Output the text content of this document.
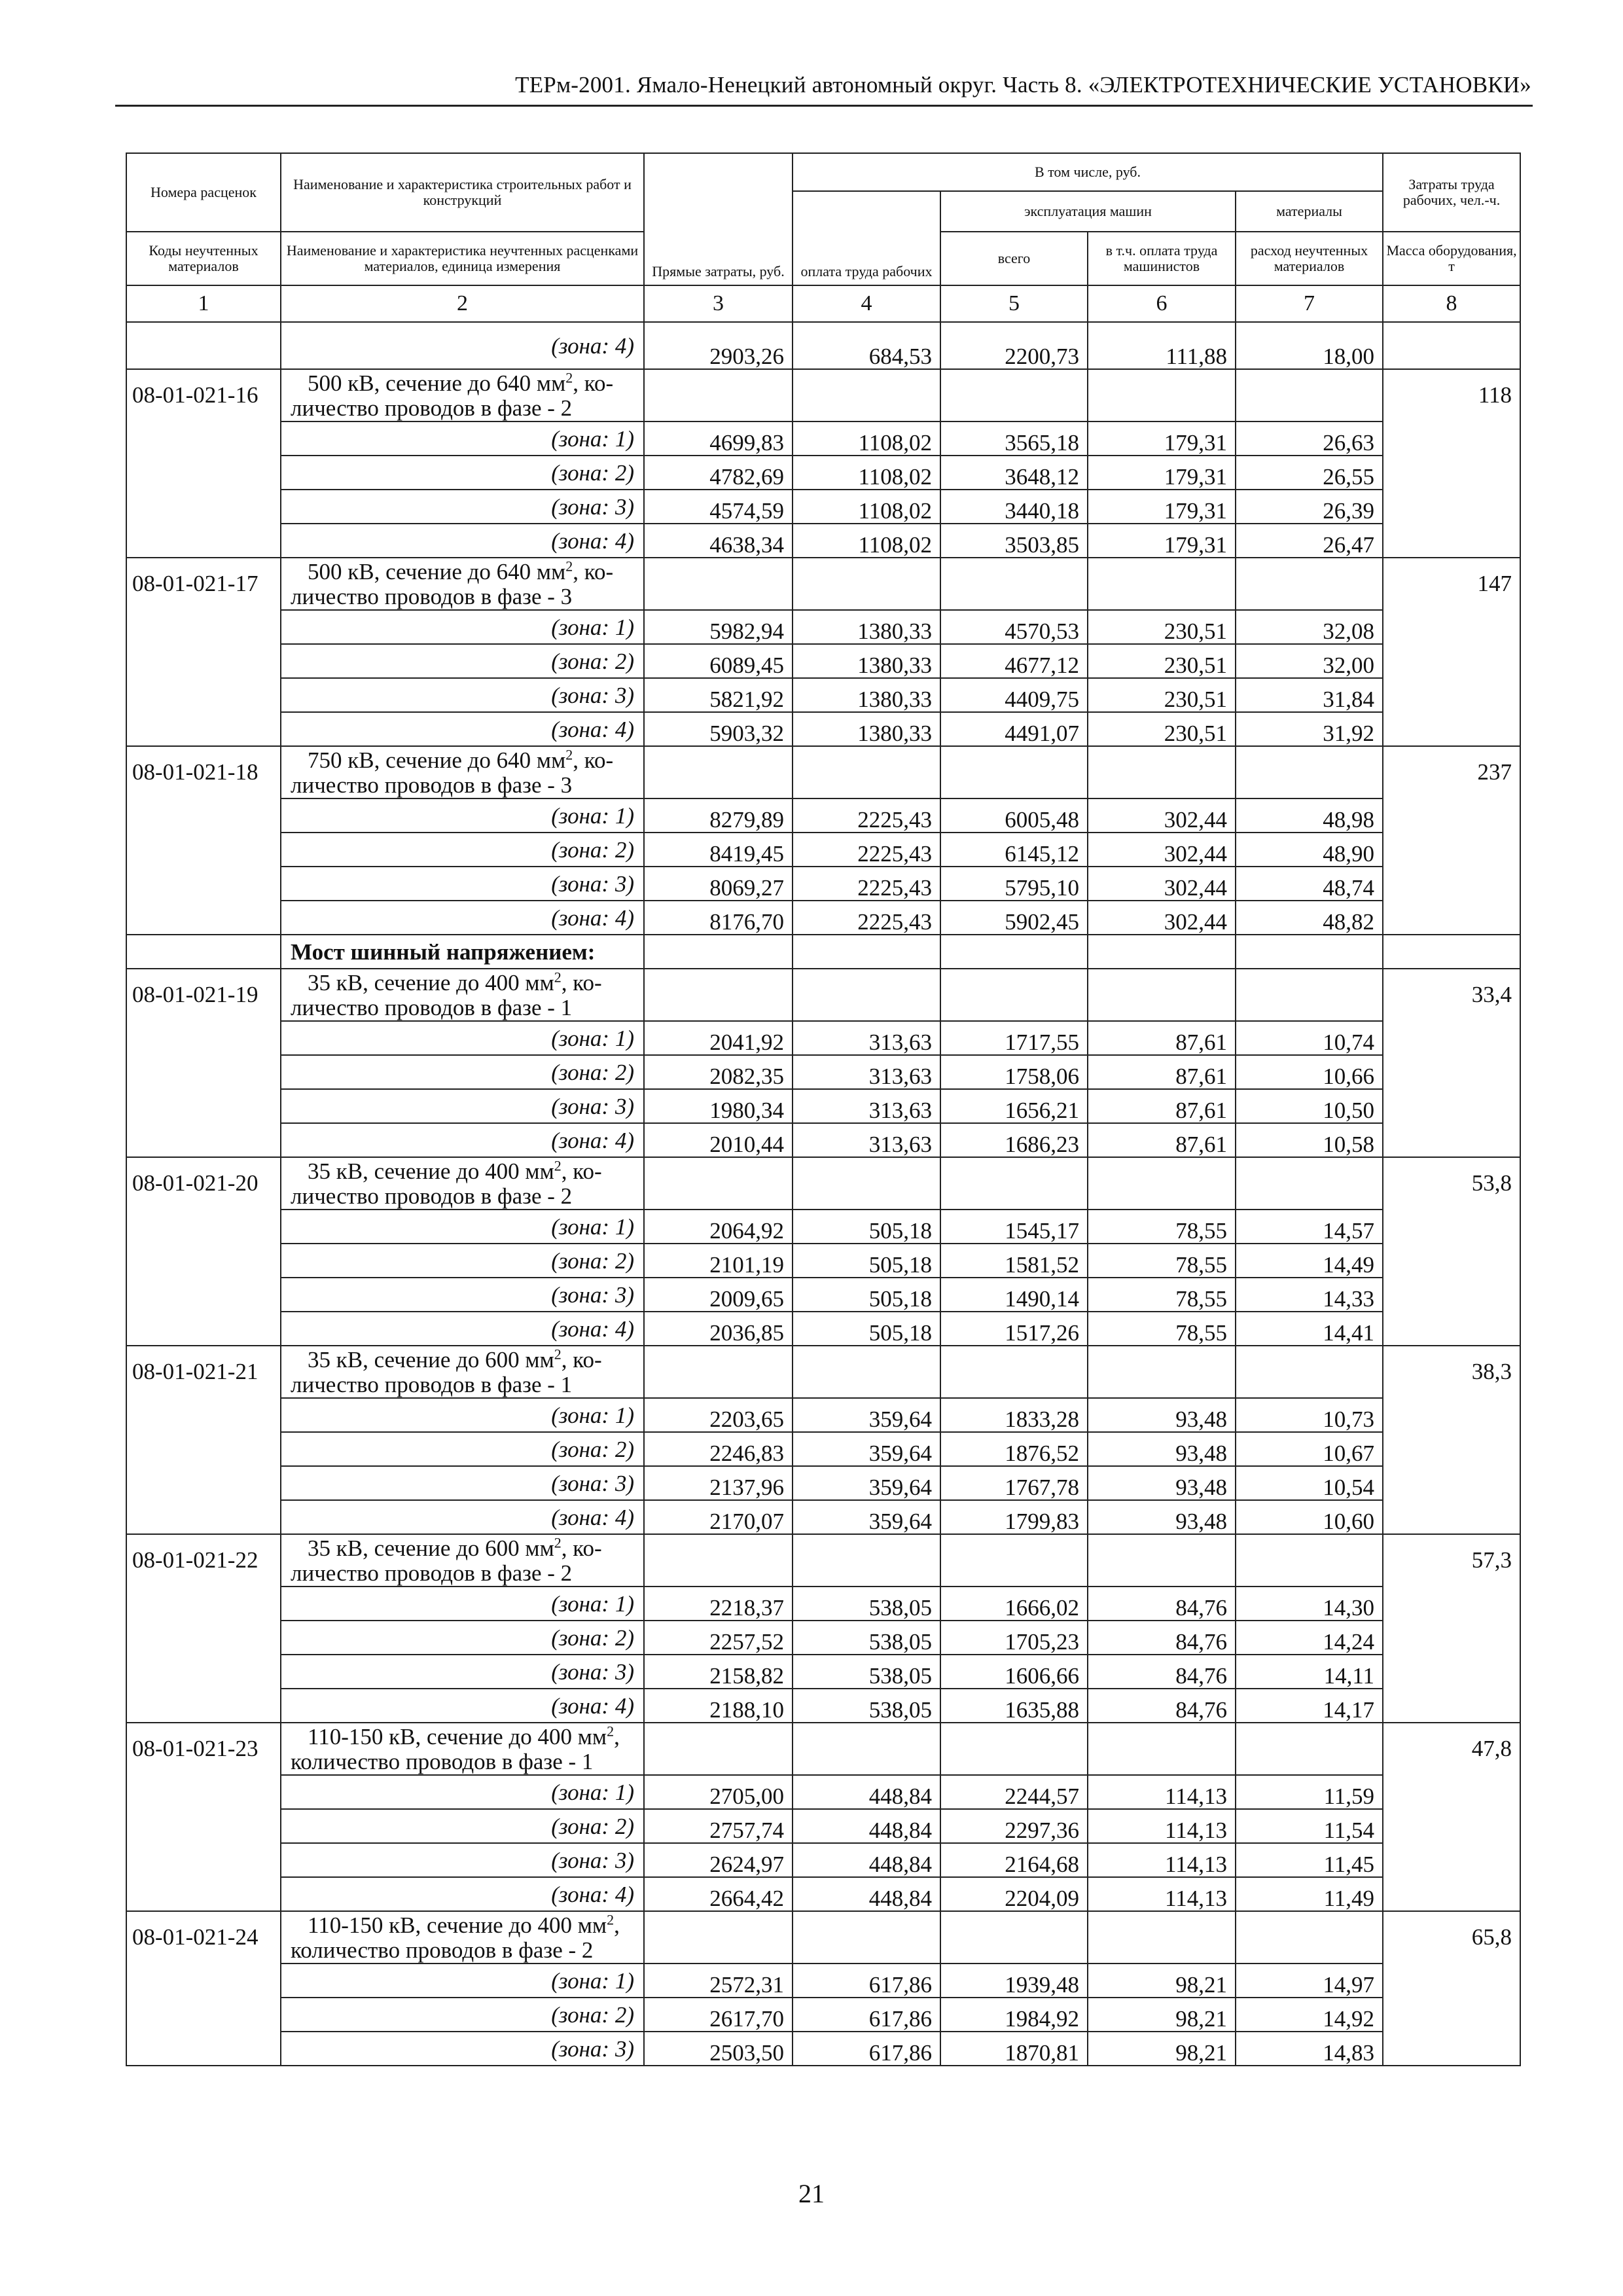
ТЕРм-2001. Ямало-Ненецкий автономный округ. Часть 8. «ЭЛЕКТРОТЕХНИЧЕСКИЕ УСТАНОВКИ»
Номера расценок	Наименование и характеристика строительных работ и конструкций	Прямые затраты, руб.	В том числе, руб.				Затраты труда рабочих, чел.-ч.
			оплата труда рабочих	эксплуатация машин		материалы	
Коды неучтенных материалов	Наименование и характеристика неучтенных расценками материалов, единица измерения			всего	в т.ч. оплата труда машинистов	расход неучтенных материалов	Масса оборудования, т
1	2	3	4	5	6	7	8
	(зона: 4)	2903,26	684,53	2200,73	111,88	18,00	
08-01-021-16	500 кВ, сечение до 640 $мм^2$, ко-
личество проводов в фазе - 2						118
	(зона: 1)	4699,83	1108,02	3565,18	179,31	26,63	
	(зона: 2)	4782,69	1108,02	3648,12	179,31	26,55	
	(зона: 3)	4574,59	1108,02	3440,18	179,31	26,39	
	(зона: 4)	4638,34	1108,02	3503,85	179,31	26,47	
08-01-021-17	500 кВ, сечение до 640 $мм^2$, ко-
личество проводов в фазе - 3						147
	(зона: 1)	5982,94	1380,33	4570,53	230,51	32,08	
	(зона: 2)	6089,45	1380,33	4677,12	230,51	32,00	
	(зона: 3)	5821,92	1380,33	4409,75	230,51	31,84	
	(зона: 4)	5903,32	1380,33	4491,07	230,51	31,92	
08-01-021-18	750 кВ, сечение до 640 $мм^2$, ко-
личество проводов в фазе - 3						237
	(зона: 1)	8279,89	2225,43	6005,48	302,44	48,98	
	(зона: 2)	8419,45	2225,43	6145,12	302,44	48,90	
	(зона: 3)	8069,27	2225,43	5795,10	302,44	48,74	
	(зона: 4)	8176,70	2225,43	5902,45	302,44	48,82	
	Мост шинный напряжением:						
08-01-021-19	35 кВ, сечение до 400 $мм^2$, ко-
личество проводов в фазе - 1						33,4
	(зона: 1)	2041,92	313,63	1717,55	87,61	10,74	
	(зона: 2)	2082,35	313,63	1758,06	87,61	10,66	
	(зона: 3)	1980,34	313,63	1656,21	87,61	10,50	
	(зона: 4)	2010,44	313,63	1686,23	87,61	10,58	
08-01-021-20	35 кВ, сечение до 400 $мм^2$, ко-
личество проводов в фазе - 2						53,8
	(зона: 1)	2064,92	505,18	1545,17	78,55	14,57	
	(зона: 2)	2101,19	505,18	1581,52	78,55	14,49	
	(зона: 3)	2009,65	505,18	1490,14	78,55	14,33	
	(зона: 4)	2036,85	505,18	1517,26	78,55	14,41	
08-01-021-21	35 кВ, сечение до 600 $мм^2$, ко-
личество проводов в фазе - 1						38,3
	(зона: 1)	2203,65	359,64	1833,28	93,48	10,73	
	(зона: 2)	2246,83	359,64	1876,52	93,48	10,67	
	(зона: 3)	2137,96	359,64	1767,78	93,48	10,54	
	(зона: 4)	2170,07	359,64	1799,83	93,48	10,60	
08-01-021-22	35 кВ, сечение до 600 $мм^2$, ко-
личество проводов в фазе - 2						57,3
	(зона: 1)	2218,37	538,05	1666,02	84,76	14,30	
	(зона: 2)	2257,52	538,05	1705,23	84,76	14,24	
	(зона: 3)	2158,82	538,05	1606,66	84,76	14,11	
	(зона: 4)	2188,10	538,05	1635,88	84,76	14,17	
08-01-021-23	110-150 кВ, сечение до 400 $мм^2$,
количество проводов в фазе - 1						47,8
	(зона: 1)	2705,00	448,84	2244,57	114,13	11,59	
	(зона: 2)	2757,74	448,84	2297,36	114,13	11,54	
	(зона: 3)	2624,97	448,84	2164,68	114,13	11,45	
	(зона: 4)	2664,42	448,84	2204,09	114,13	11,49	
08-01-021-24	110-150 кВ, сечение до 400 $мм^2$,
количество проводов в фазе - 2						65,8
	(зона: 1)	2572,31	617,86	1939,48	98,21	14,97	
	(зона: 2)	2617,70	617,86	1984,92	98,21	14,92	
	(зона: 3)	2503,50	617,86	1870,81	98,21	14,83	
21
